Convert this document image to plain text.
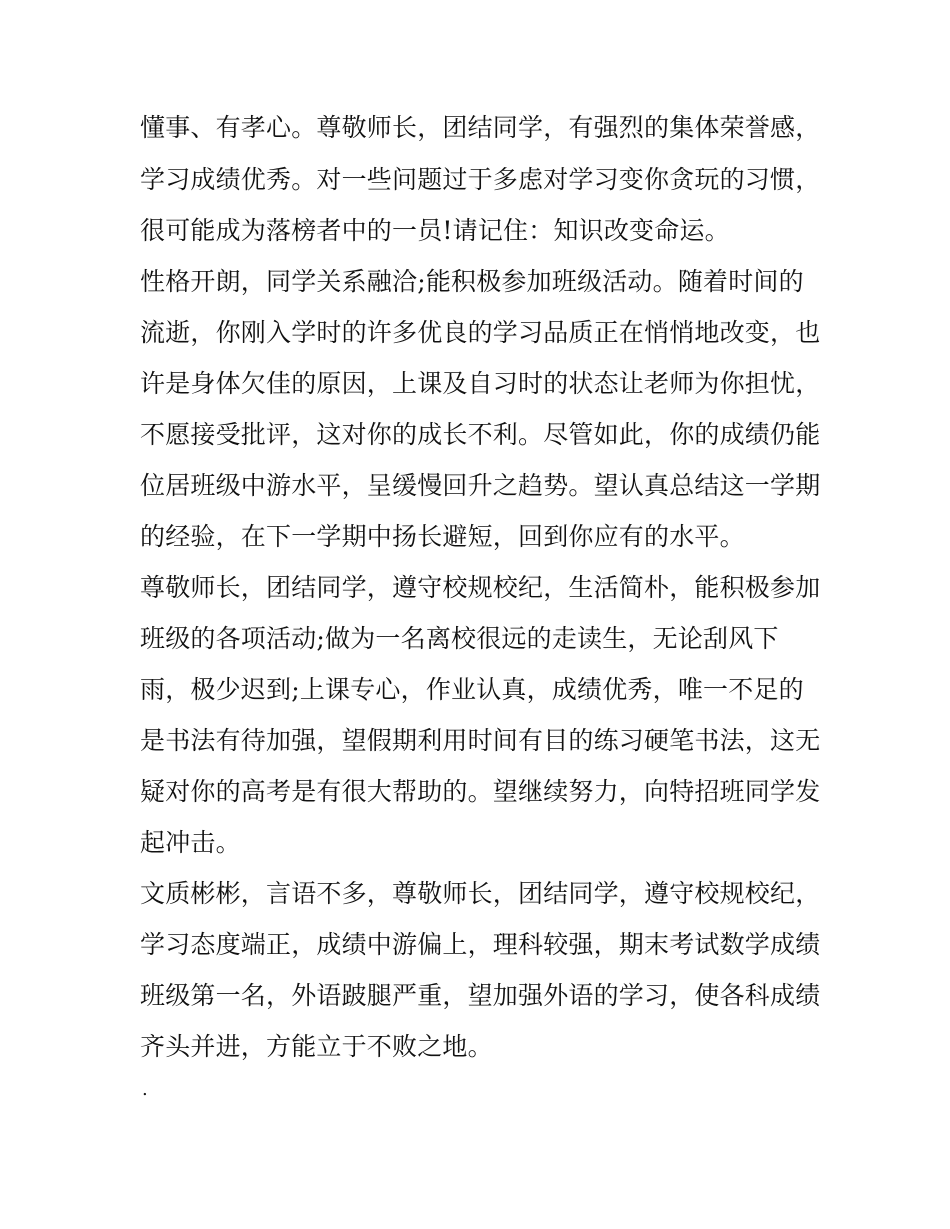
懂事、有孝心。尊敬师长，团结同学，有强烈的集体荣誉感，
学习成绩优秀。对一些问题过于多虑对学习变你贪玩的习惯，
很可能成为落榜者中的一员!请记住：知识改变命运。
性格开朗，同学关系融洽;能积极参加班级活动。随着时间的
流逝，你刚入学时的许多优良的学习品质正在悄悄地改变，也
许是身体欠佳的原因，上课及自习时的状态让老师为你担忧，
不愿接受批评，这对你的成长不利。尽管如此，你的成绩仍能
位居班级中游水平，呈缓慢回升之趋势。望认真总结这一学期
的经验，在下一学期中扬长避短，回到你应有的水平。
尊敬师长，团结同学，遵守校规校纪，生活简朴，能积极参加
班级的各项活动;做为一名离校很远的走读生，无论刮风下
雨，极少迟到;上课专心，作业认真，成绩优秀，唯一不足的
是书法有待加强，望假期利用时间有目的练习硬笔书法，这无
疑对你的高考是有很大帮助的。望继续努力，向特招班同学发
起冲击。
文质彬彬，言语不多，尊敬师长，团结同学，遵守校规校纪，
学习态度端正，成绩中游偏上，理科较强，期末考试数学成绩
班级第一名，外语跛腿严重，望加强外语的学习，使各科成绩
齐头并进，方能立于不败之地。
.
